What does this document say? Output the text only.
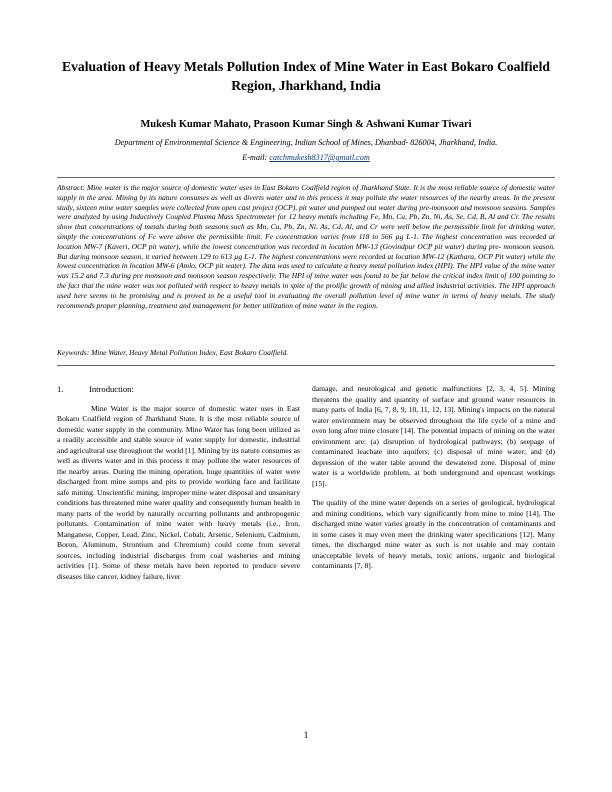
Evaluation of Heavy Metals Pollution Index of Mine Water in East Bokaro Coalfield Region, Jharkhand, India

Mukesh Kumar Mahato, Prasoon Kumar Singh & Ashwani Kumar Tiwari

Department of Environmental Science & Engineering, Indian School of Mines, Dhanbad- 826004, Jharkhand, India.

E-mail: catchmukesh8317@gmail.com

Abstract: Mine water is the major source of domestic water uses in East Bokaro Coalfield region of Jharkhand State. It is the most reliable source of domestic water supply in the area. Mining by its nature consumes as well as diverts water and in this process it may pollute the water resources of the nearby areas. In the present study, sixteen mine water samples were collected from open cast project (OCP), pit water and pumped out water during pre-monsoon and monsoon seasons. Samples were analyzed by using Inductively Coupled Plasma Mass Spectrometer for 12 heavy metals including Fe, Mn, Cu, Pb, Zn, Ni, As, Se, Cd, B, Al and Cr. The results show that concentrations of metals during both seasons such as Mn, Cu, Pb, Zn, Ni, As, Cd, Al, and Cr were well below the permissible limit for drinking water, simply the concentrations of Fe were above the permissible limit. Fe concentration varies from 118 to 566 µg L-1. The highest concentration was recorded at location MW-7 (Kaveri, OCP pit water), while the lowest concentration was recorded in location MW-13 (Govindpur OCP pit water) during pre- monsoon season. But during monsoon season, it varied between 129 to 613 µg L-1. The highest concentrations were recorded at location MW-12 (Kathara, OCP Pit water) while the lowest concentration in location MW-6 (Amlo, OCP pit water). The data was used to calculate a heavy metal pollution index (HPI). The HPI value of the mine water was 15.2 and 7.3 during pre monsoon and monsoon season respectively. The HPI of mine water was found to be far below the critical index limit of 100 pointing to the fact that the mine water was not polluted with respect to heavy metals in spite of the prolific growth of mining and allied industrial activities. The HPI approach used here seems to be promising and is proved to be a useful tool in evaluating the overall pollution level of mine water in terms of heavy metals. The study recommends proper planning, treatment and management for better utilization of mine water in the region.

Keywords: Mine Water, Heavy Metal Pollution Index, East Bokaro Coalfield.

1.	Introduction:

Mine Water is the major source of domestic water uses in East Bokaro Coalfield region of Jharkhand State. It is the most reliable source of domestic water supply in the community. Mine Water has long been utilized as a readily accessible and stable source of water supply for domestic, industrial and agricultural use throughout the world [1]. Mining by its nature consumes as well as diverts water and in this process it may pollute the water resources of the nearby areas. During the mining operation, huge quantities of water were discharged from mine sumps and pits to provide working face and facilitate safe mining. Unscientific mining, improper mine water disposal and unsanitary conditions has threatened mine water quality and consequently human health in many parts of the world by naturally occurring pollutants and anthropogenic pollutants. Contamination of mine water with heavy metals (i.e., Iron, Manganese, Copper, Lead, Zinc, Nickel, Cobalt, Arsenic, Selenium, Cadmium, Boron, Aluminum, Strontium and Chromium) could come from several sources, including industrial discharges from coal washeries and mining activities [1]. Some of these metals have been reported to produce severe diseases like cancer, kidney failure, liver

damage, and neurological and genetic malfunctions [2, 3, 4, 5]. Mining threatens the quality and quantity of surface and ground water resources in many parts of India [6, 7, 8, 9, 10, 11, 12, 13]. Mining's impacts on the natural water environment may be observed throughout the life cycle of a mine and even long after mine closure [14]. The potential impacts of mining on the water environment are: (a) disruption of hydrological pathways; (b) seepage of contaminated leachate into aquifers; (c) disposal of mine water; and (d) depression of the water table around the dewatered zone. Disposal of mine water is a worldwide problem, at both underground and opencast workings [15].

The quality of the mine water depends on a series of geological, hydrological and mining conditions, which vary significantly from mine to mine [14]. The discharged mine water varies greatly in the concentration of contaminants and in some cases it may even meet the drinking water specifications [12]. Many times, the discharged mine water as such is not usable and may contain unacceptable levels of heavy metals, toxic anions, organic and biological contaminants [7, 8].

1
